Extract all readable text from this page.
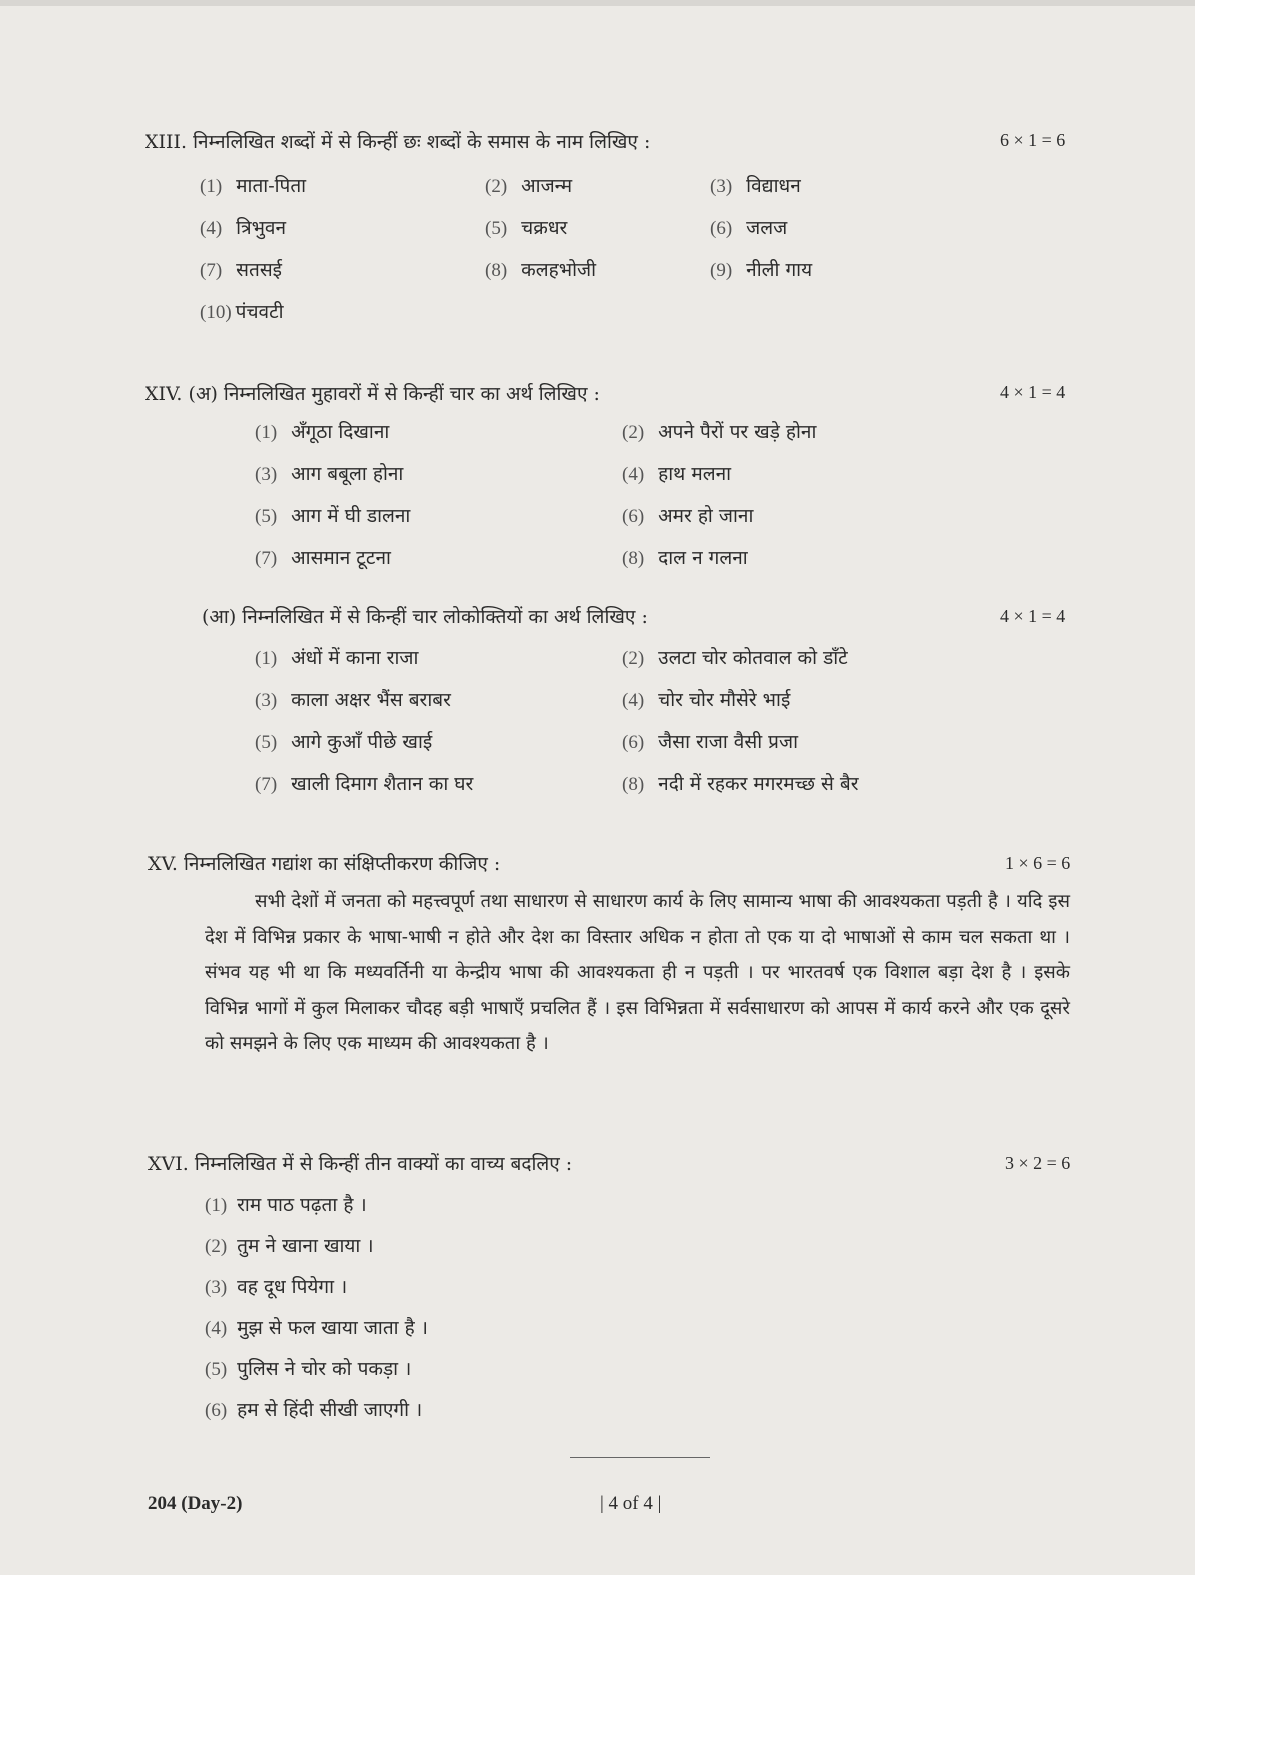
XIII. निम्नलिखित शब्दों में से किन्हीं छः शब्दों के समास के नाम लिखिए :	6 × 1 = 6
(1) माता-पिता	(2) आजन्म	(3) विद्याधन
(4) त्रिभुवन	(5) चक्रधर	(6) जलज
(7) सतसई	(8) कलहभोजी	(9) नीली गाय
(10) पंचवटी
XIV. (अ) निम्नलिखित मुहावरों में से किन्हीं चार का अर्थ लिखिए :	4 × 1 = 4
(1) अँगूठा दिखाना	(2) अपने पैरों पर खड़े होना
(3) आग बबूला होना	(4) हाथ मलना
(5) आग में घी डालना	(6) अमर हो जाना
(7) आसमान टूटना	(8) दाल न गलना
(आ) निम्नलिखित में से किन्हीं चार लोकोक्तियों का अर्थ लिखिए :	4 × 1 = 4
(1) अंधों में काना राजा	(2) उलटा चोर कोतवाल को डाँटे
(3) काला अक्षर भैंस बराबर	(4) चोर चोर मौसेरे भाई
(5) आगे कुआँ पीछे खाई	(6) जैसा राजा वैसी प्रजा
(7) खाली दिमाग शैतान का घर	(8) नदी में रहकर मगरमच्छ से बैर
XV. निम्नलिखित गद्यांश का संक्षिप्तीकरण कीजिए :	1 × 6 = 6
सभी देशों में जनता को महत्त्वपूर्ण तथा साधारण से साधारण कार्य के लिए सामान्य भाषा की आवश्यकता पड़ती है । यदि इस देश में विभिन्न प्रकार के भाषा-भाषी न होते और देश का विस्तार अधिक न होता तो एक या दो भाषाओं से काम चल सकता था । संभव यह भी था कि मध्यवर्तिनी या केन्द्रीय भाषा की आवश्यकता ही न पड़ती । पर भारतवर्ष एक विशाल बड़ा देश है । इसके विभिन्न भागों में कुल मिलाकर चौदह बड़ी भाषाएँ प्रचलित हैं । इस विभिन्नता में सर्वसाधारण को आपस में कार्य करने और एक दूसरे को समझने के लिए एक माध्यम की आवश्यकता है ।
XVI. निम्नलिखित में से किन्हीं तीन वाक्यों का वाच्य बदलिए :	3 × 2 = 6
(1) राम पाठ पढ़ता है ।
(2) तुम ने खाना खाया ।
(3) वह दूध पियेगा ।
(4) मुझ से फल खाया जाता है ।
(5) पुलिस ने चोर को पकड़ा ।
(6) हम से हिंदी सीखी जाएगी ।
204 (Day-2)	| 4 of 4 |
